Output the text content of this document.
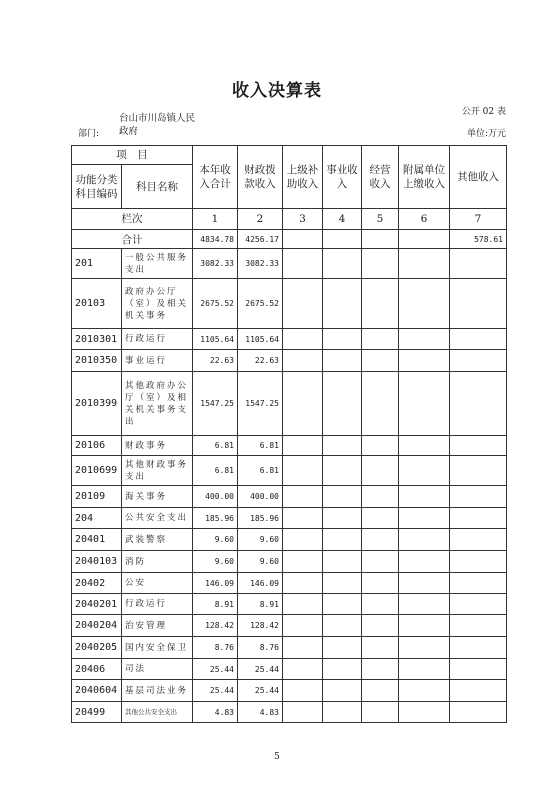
收入决算表
公开 02 表
部门:
台山市川岛镇人民政府	单位:万元
项　目		本年收入合计	财政拨款收入	上级补助收入	事业收入	经营收入	附属单位上缴收入	其他收入
功能分类科目编码	科目名称							
栏次		1	2	3	4	5	6	7
合计		4834.78	4256.17					578.61
201	一般公共服务支出	3082.33	3082.33					
20103	政府办公厅（室）及相关机关事务	2675.52	2675.52					
2010301	行政运行	1105.64	1105.64					
2010350	事业运行	22.63	22.63					
2010399	其他政府办公厅（室）及相关机关事务支出	1547.25	1547.25					
20106	财政事务	6.81	6.81					
2010699	其他财政事务支出	6.81	6.81					
20109	海关事务	400.00	400.00					
204	公共安全支出	185.96	185.96					
20401	武装警察	9.60	9.60					
2040103	消防	9.60	9.60					
20402	公安	146.09	146.09					
2040201	行政运行	8.91	8.91					
2040204	治安管理	128.42	128.42					
2040205	国内安全保卫	8.76	8.76					
20406	司法	25.44	25.44					
2040604	基层司法业务	25.44	25.44					
20499	其他公共安全支出	4.83	4.83					
5
